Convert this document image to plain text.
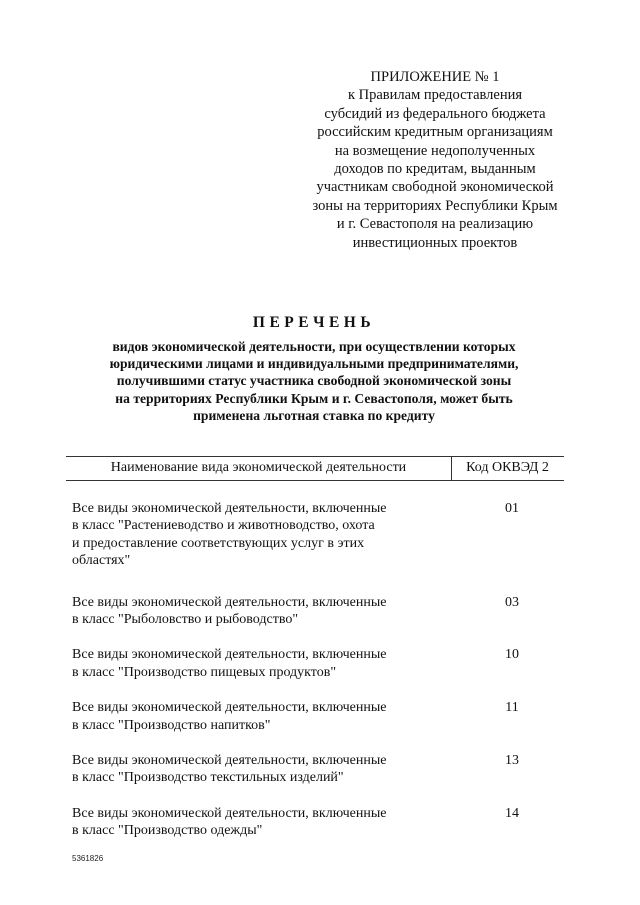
ПРИЛОЖЕНИЕ № 1
к Правилам предоставления
субсидий из федерального бюджета
российским кредитным организациям
на возмещение недополученных
доходов по кредитам, выданным
участникам свободной экономической
зоны на территориях Республики Крым
и г. Севастополя на реализацию
инвестиционных проектов
ПЕРЕЧЕНЬ
видов экономической деятельности, при осуществлении которых
юридическими лицами и индивидуальными предпринимателями,
получившими статус участника свободной экономической зоны
на территориях Республики Крым и г. Севастополя, может быть
применена льготная ставка по кредиту
Наименование вида экономической деятельности	Код ОКВЭД 2
Все виды экономической деятельности, включенные
в класс "Растениеводство и животноводство, охота
и предоставление соответствующих услуг в этих
областях"
01
Все виды экономической деятельности, включенные
в класс "Рыболовство и рыбоводство"
03
Все виды экономической деятельности, включенные
в класс "Производство пищевых продуктов"
10
Все виды экономической деятельности, включенные
в класс "Производство напитков"
11
Все виды экономической деятельности, включенные
в класс "Производство текстильных изделий"
13
Все виды экономической деятельности, включенные
в класс "Производство одежды"
14
5361826
